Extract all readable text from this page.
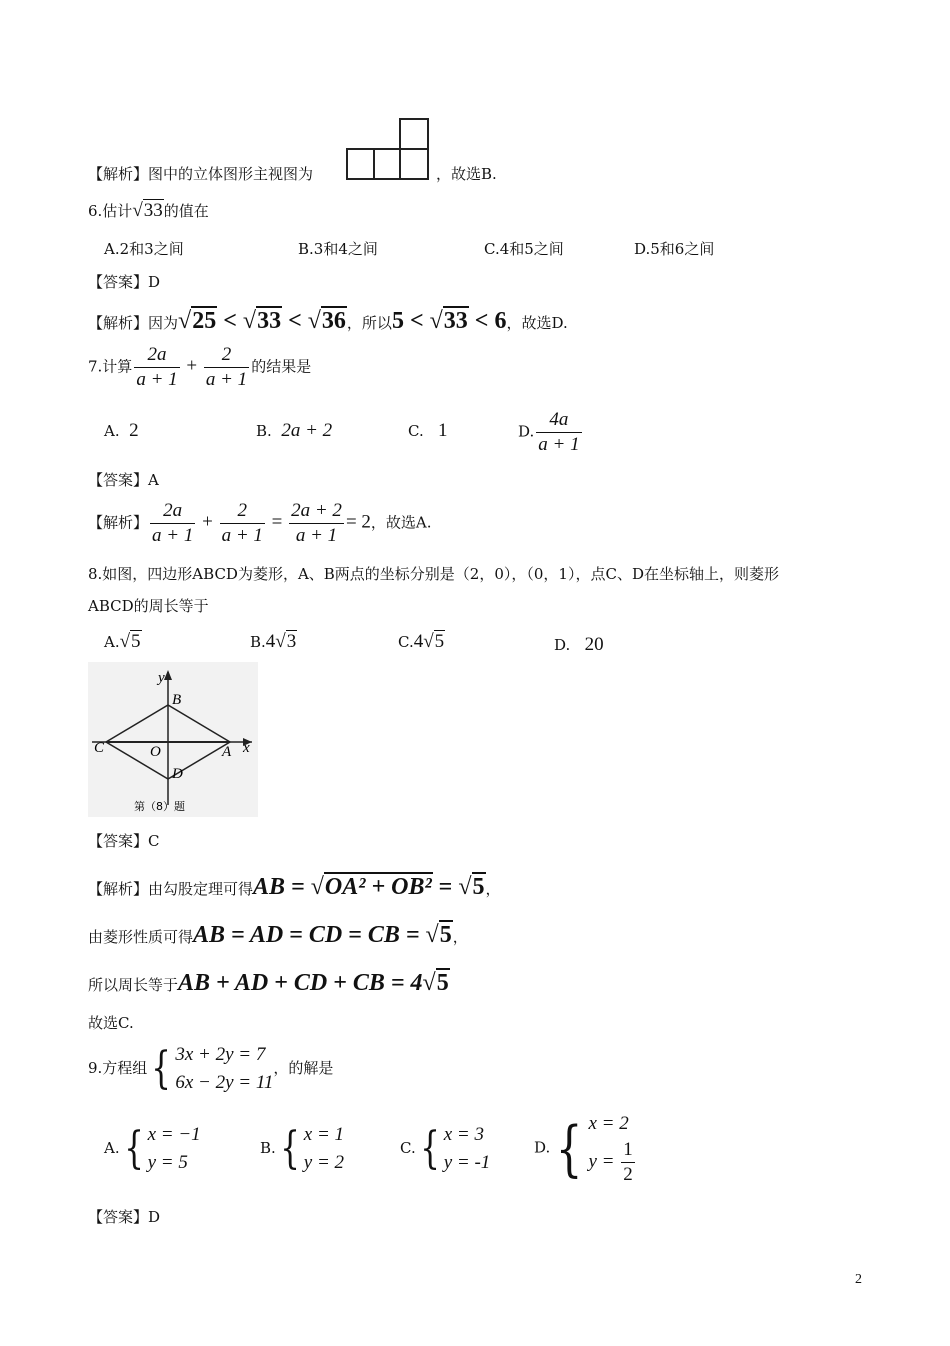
【解析】图中的立体图形主视图为	，故选B.
6.估计√33的值在
A.2和3之间	B.3和4之间	C.4和5之间	D.5和6之间
【答案】D
【解析】因为√25 < √33 < √36，所以5 < √33 < 6，故选D.
7.计算 $\frac{2a}{a + 1} + \frac{2}{a + 1}$ 的结果是
A. 2	B. 2a + 2	C. 1	D. $\frac{4a}{a + 1}$
【答案】A
【解析】 $\frac{2a}{a + 1} + \frac{2}{a + 1} = \frac{2a + 2}{a + 1} = 2$，故选A.
8.如图，四边形ABCD为菱形，A、B两点的坐标分别是（2，0），（0，1），点C、D在坐标轴上，则菱形
ABCD的周长等于
A.√5	B.4√3	C.4√5	D. 20
y
x
B
C	O	A
D
第（8）题
【答案】C
【解析】由勾股定理可得AB = √OA² + OB² = √5，
由菱形性质可得AB = AD = CD = CB = √5，
所以周长等于AB + AD + CD + CB = 4√5
故选C.
9.方程组{ 3x + 2y = 7
6x − 2y = 11
，的解是
A.{ x = −1
y = 5
B.{ x = 1
y = 2
C.{ x = 3
y = -1
D.{ x = 2
$y = \frac{1}{2}$
【答案】D
2
